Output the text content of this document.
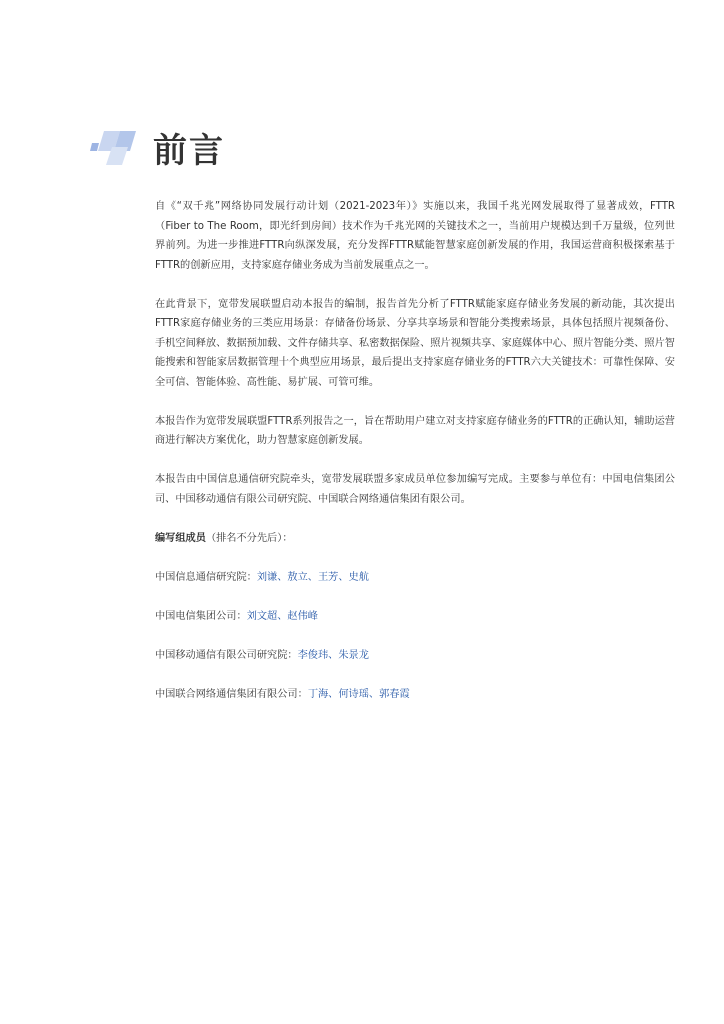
前言

自《“双千兆”网络协同发展行动计划（2021-2023年）》实施以来，我国千兆光网发展取得了显著成效，FTTR（Fiber to The Room，即光纤到房间）技术作为千兆光网的关键技术之一，当前用户规模达到千万量级，位列世界前列。为进一步推进FTTR向纵深发展，充分发挥FTTR赋能智慧家庭创新发展的作用，我国运营商积极探索基于FTTR的创新应用，支持家庭存储业务成为当前发展重点之一。

在此背景下，宽带发展联盟启动本报告的编制，报告首先分析了FTTR赋能家庭存储业务发展的新动能，其次提出FTTR家庭存储业务的三类应用场景：存储备份场景、分享共享场景和智能分类搜索场景，具体包括照片视频备份、手机空间释放、数据预加载、文件存储共享、私密数据保险、照片视频共享、家庭媒体中心、照片智能分类、照片智能搜索和智能家居数据管理十个典型应用场景，最后提出支持家庭存储业务的FTTR六大关键技术：可靠性保障、安全可信、智能体验、高性能、易扩展、可管可维。

本报告作为宽带发展联盟FTTR系列报告之一，旨在帮助用户建立对支持家庭存储业务的FTTR的正确认知，辅助运营商进行解决方案优化，助力智慧家庭创新发展。

本报告由中国信息通信研究院牵头，宽带发展联盟多家成员单位参加编写完成。主要参与单位有：中国电信集团公司、中国移动通信有限公司研究院、中国联合网络通信集团有限公司。

编写组成员（排名不分先后）：

中国信息通信研究院：刘谦、敖立、王芳、史航

中国电信集团公司：刘文超、赵伟峰

中国移动通信有限公司研究院：李俊玮、朱景龙

中国联合网络通信集团有限公司：丁海、何诗瑶、郭春霞
